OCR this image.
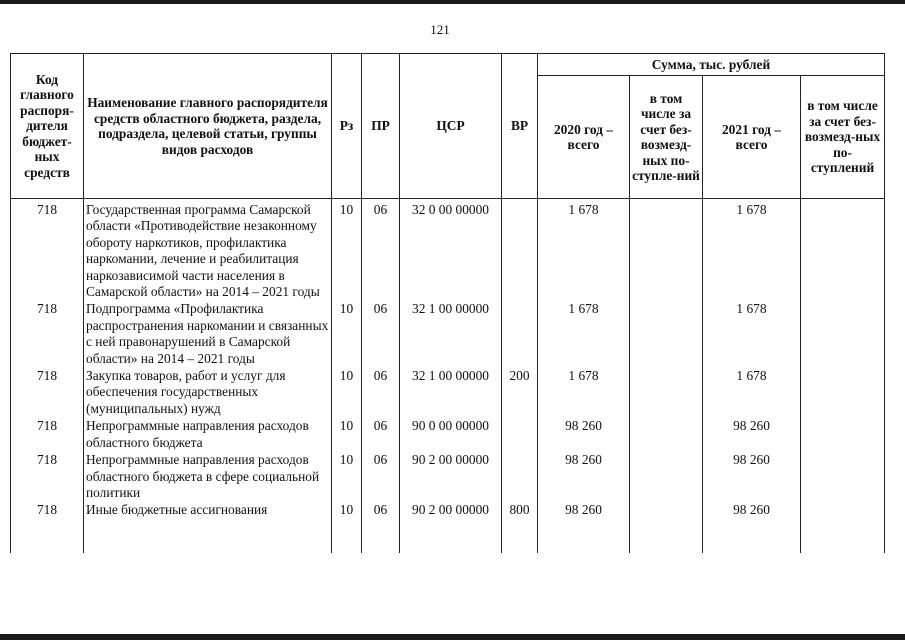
121
Код главного распоря-дителя бюджет-ных средств	Наименование главного распорядителя средств областного бюджета, раздела, подраздела, целевой статьи, группы видов расходов	Рз	ПР	ЦСР	ВР	Сумма, тыс. рублей			
						2020 год – всего	в том числе за счет без-возмезд-ных по-ступле-ний	2021 год – всего	в том числе за счет без-возмезд-ных по-ступлений
718	Государственная программа Самарской области «Противодействие незаконному обороту наркотиков, профилактика наркомании, лечение и реабилитация наркозависимой части населения в Самарской области» на 2014 – 2021 годы	10	06	32 0 00 00000		1 678		1 678	
718	Подпрограмма «Профилактика распространения наркомании и связанных с ней правонарушений в Самарской области» на 2014 – 2021 годы	10	06	32 1 00 00000		1 678		1 678	
718	Закупка товаров, работ и услуг для обеспечения государственных (муниципальных) нужд	10	06	32 1 00 00000	200	1 678		1 678	
718	Непрограммные направления расходов областного бюджета	10	06	90 0 00 00000		98 260		98 260	
718	Непрограммные направления расходов областного бюджета в сфере социальной политики	10	06	90 2 00 00000		98 260		98 260	
718	Иные бюджетные ассигнования	10	06	90 2 00 00000	800	98 260		98 260	
